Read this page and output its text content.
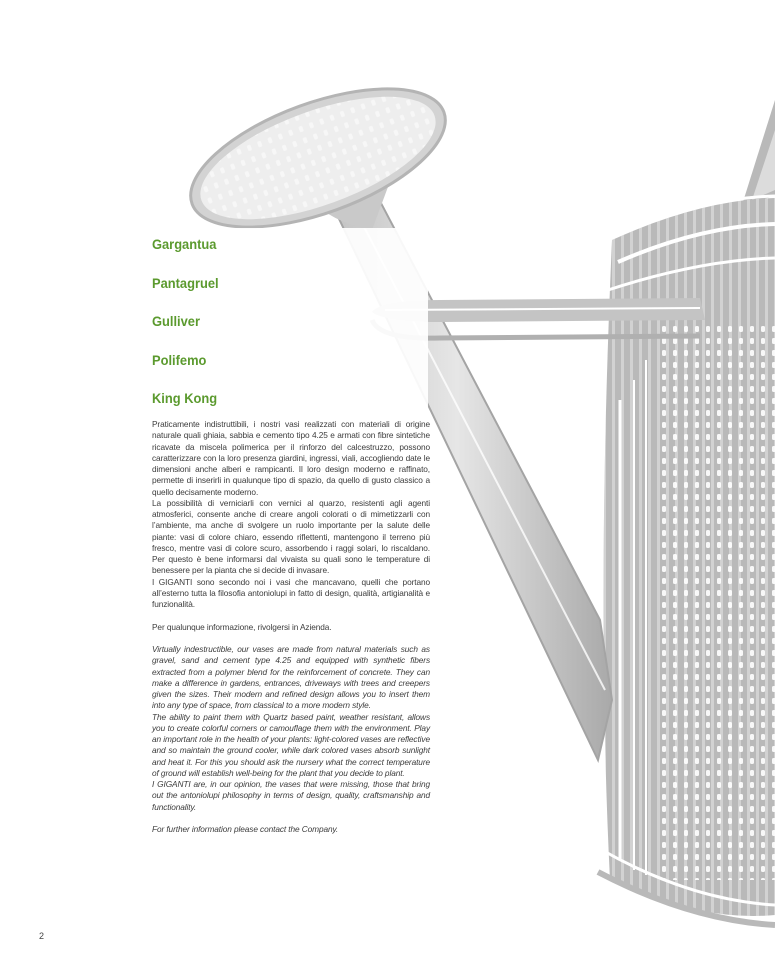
Gargantua
Pantagruel
Gulliver
Polifemo
King Kong

Praticamente indistruttibili, i nostri vasi realizzati con materiali di origine naturale quali ghiaia, sabbia e cemento tipo 4.25 e armati con fibre sintetiche ricavate da miscela polimerica per il rinforzo del calcestruzzo, possono caratterizzare con la loro presenza giardini, ingressi, viali, accogliendo date le dimensioni anche alberi e rampicanti. Il loro design moderno e raffinato, permette di inserirli in qualunque tipo di spazio, da quello di gusto classico a quello decisamente moderno.

La possibilità di verniciarli con vernici al quarzo, resistenti agli agenti atmosferici, consente anche di creare angoli colorati o di mimetizzarli con l’ambiente, ma anche di svolgere un ruolo importante per la salute delle piante: vasi di colore chiaro, essendo riflettenti, mantengono il terreno più fresco, mentre vasi di colore scuro, assorbendo i raggi solari, lo riscaldano. Per questo è bene informarsi dal vivaista su quali sono le temperature di benessere per la pianta che si decide di invasare.

I GIGANTI sono secondo noi i vasi che mancavano, quelli che portano all’esterno tutta la filosofia antoniolupi in fatto di design, qualità, artigianalità e funzionalità.

Per qualunque informazione, rivolgersi in Azienda.

Virtually indestructible, our vases are made from natural materials such as gravel, sand and cement type 4.25 and equipped with synthetic fibers extracted from a polymer blend for the reinforcement of concrete. They can make a difference in gardens, entrances, driveways with trees and creepers given the sizes. Their modern and refined design allows you to insert them into any type of space, from classical to a more modern style.

The ability to paint them with Quartz based paint, weather resistant, allows you to create colorful corners or camouflage them with the environment. Play an important role in the health of your plants: light-colored vases are reflective and so maintain the ground cooler, while dark colored vases absorb sunlight and heat it. For this you should ask the nursery what the correct temperature of ground will establish well-being for the plant that you decide to plant.

I GIGANTI are, in our opinion, the vases that were missing, those that bring out the antoniolupi philosophy in terms of design, quality, craftsmanship and functionality.

For further information please contact the Company.

2
